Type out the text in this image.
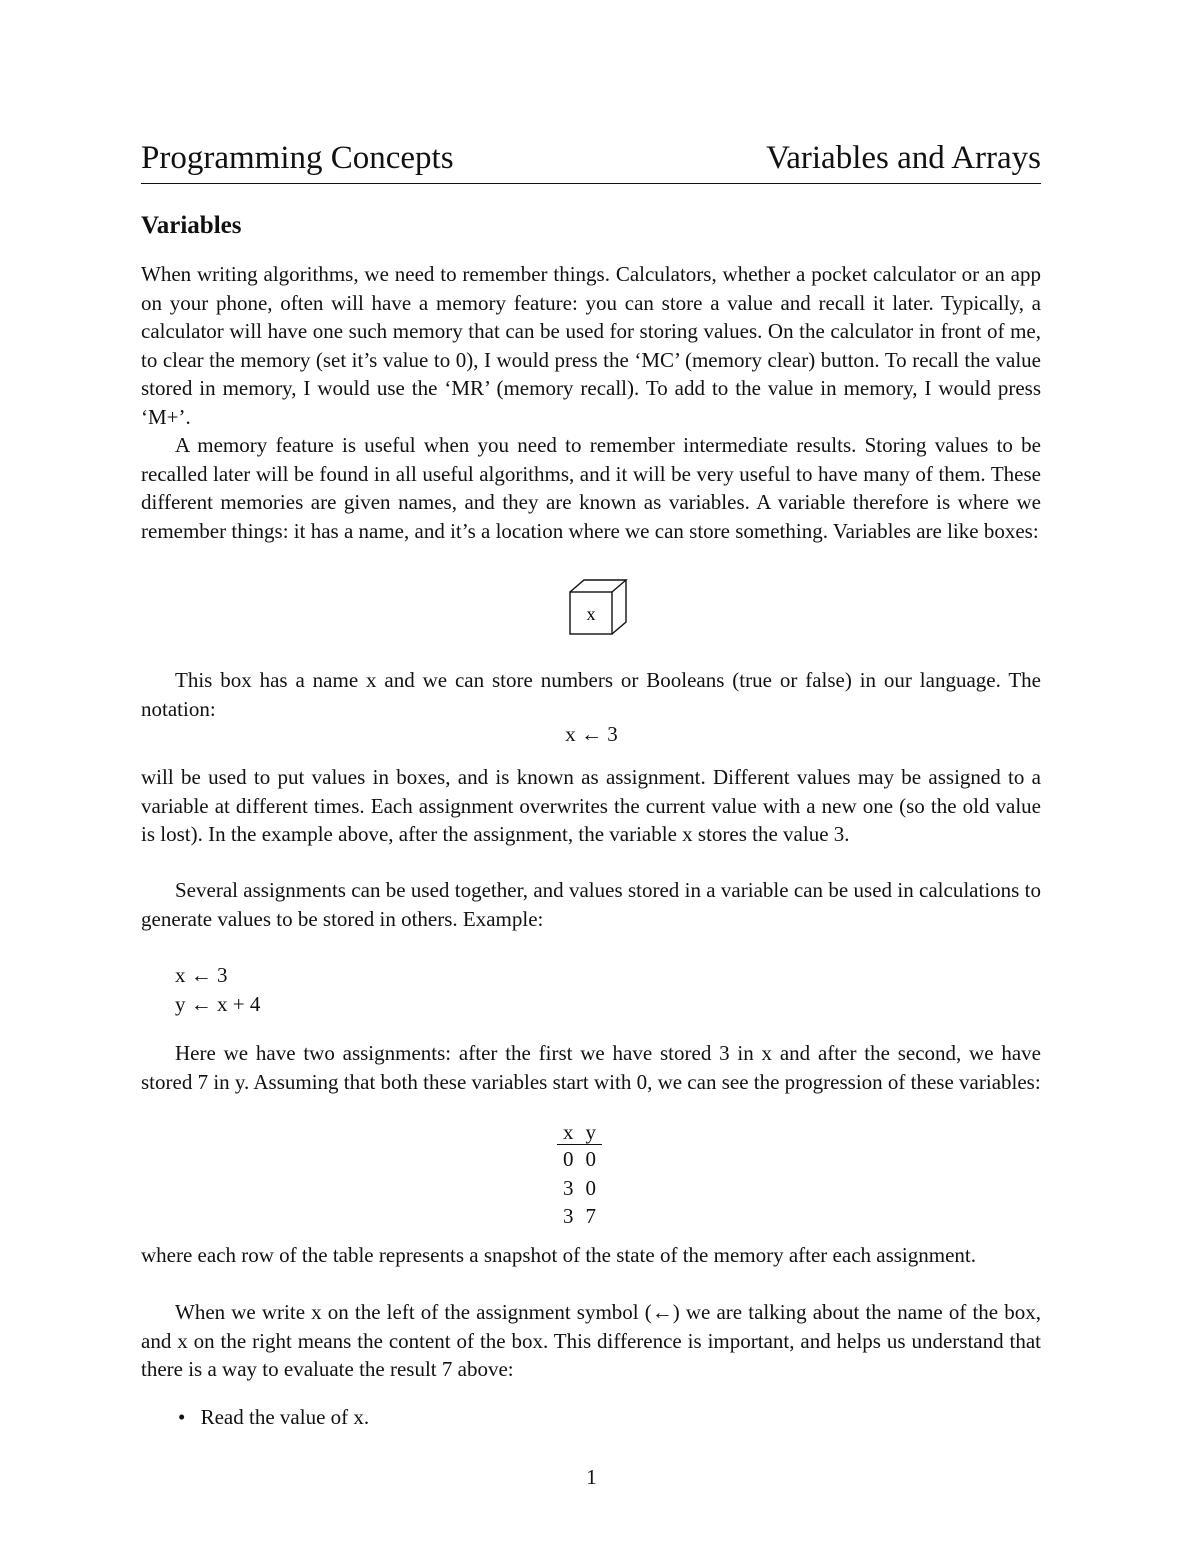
Programming Concepts	Variables and Arrays
Variables

When writing algorithms, we need to remember things. Calculators, whether a pocket calculator or an app on your phone, often will have a memory feature: you can store a value and recall it later. Typically, a calculator will have one such memory that can be used for storing values. On the calculator in front of me, to clear the memory (set it’s value to 0), I would press the ‘MC’ (memory clear) button. To recall the value stored in memory, I would use the ‘MR’ (memory recall). To add to the value in memory, I would press ‘M+’.

A memory feature is useful when you need to remember intermediate results. Storing values to be recalled later will be found in all useful algorithms, and it will be very useful to have many of them. These different memories are given names, and they are known as variables. A variable therefore is where we remember things: it has a name, and it’s a location where we can store something. Variables are like boxes:

x

This box has a name x and we can store numbers or Booleans (true or false) in our language. The notation:

x ← 3

will be used to put values in boxes, and is known as assignment. Different values may be assigned to a variable at different times. Each assignment overwrites the current value with a new one (so the old value is lost). In the example above, after the assignment, the variable x stores the value 3.

Several assignments can be used together, and values stored in a variable can be used in calculations to generate values to be stored in others. Example:

x ← 3
y ← x + 4

Here we have two assignments: after the first we have stored 3 in x and after the second, we have stored 7 in y. Assuming that both these variables start with 0, we can see the progression of these variables:

x	y
0	0
3	0
3	7

where each row of the table represents a snapshot of the state of the memory after each assignment.

When we write x on the left of the assignment symbol (←) we are talking about the name of the box, and x on the right means the content of the box. This difference is important, and helps us understand that there is a way to evaluate the result 7 above:

• Read the value of x.
1
